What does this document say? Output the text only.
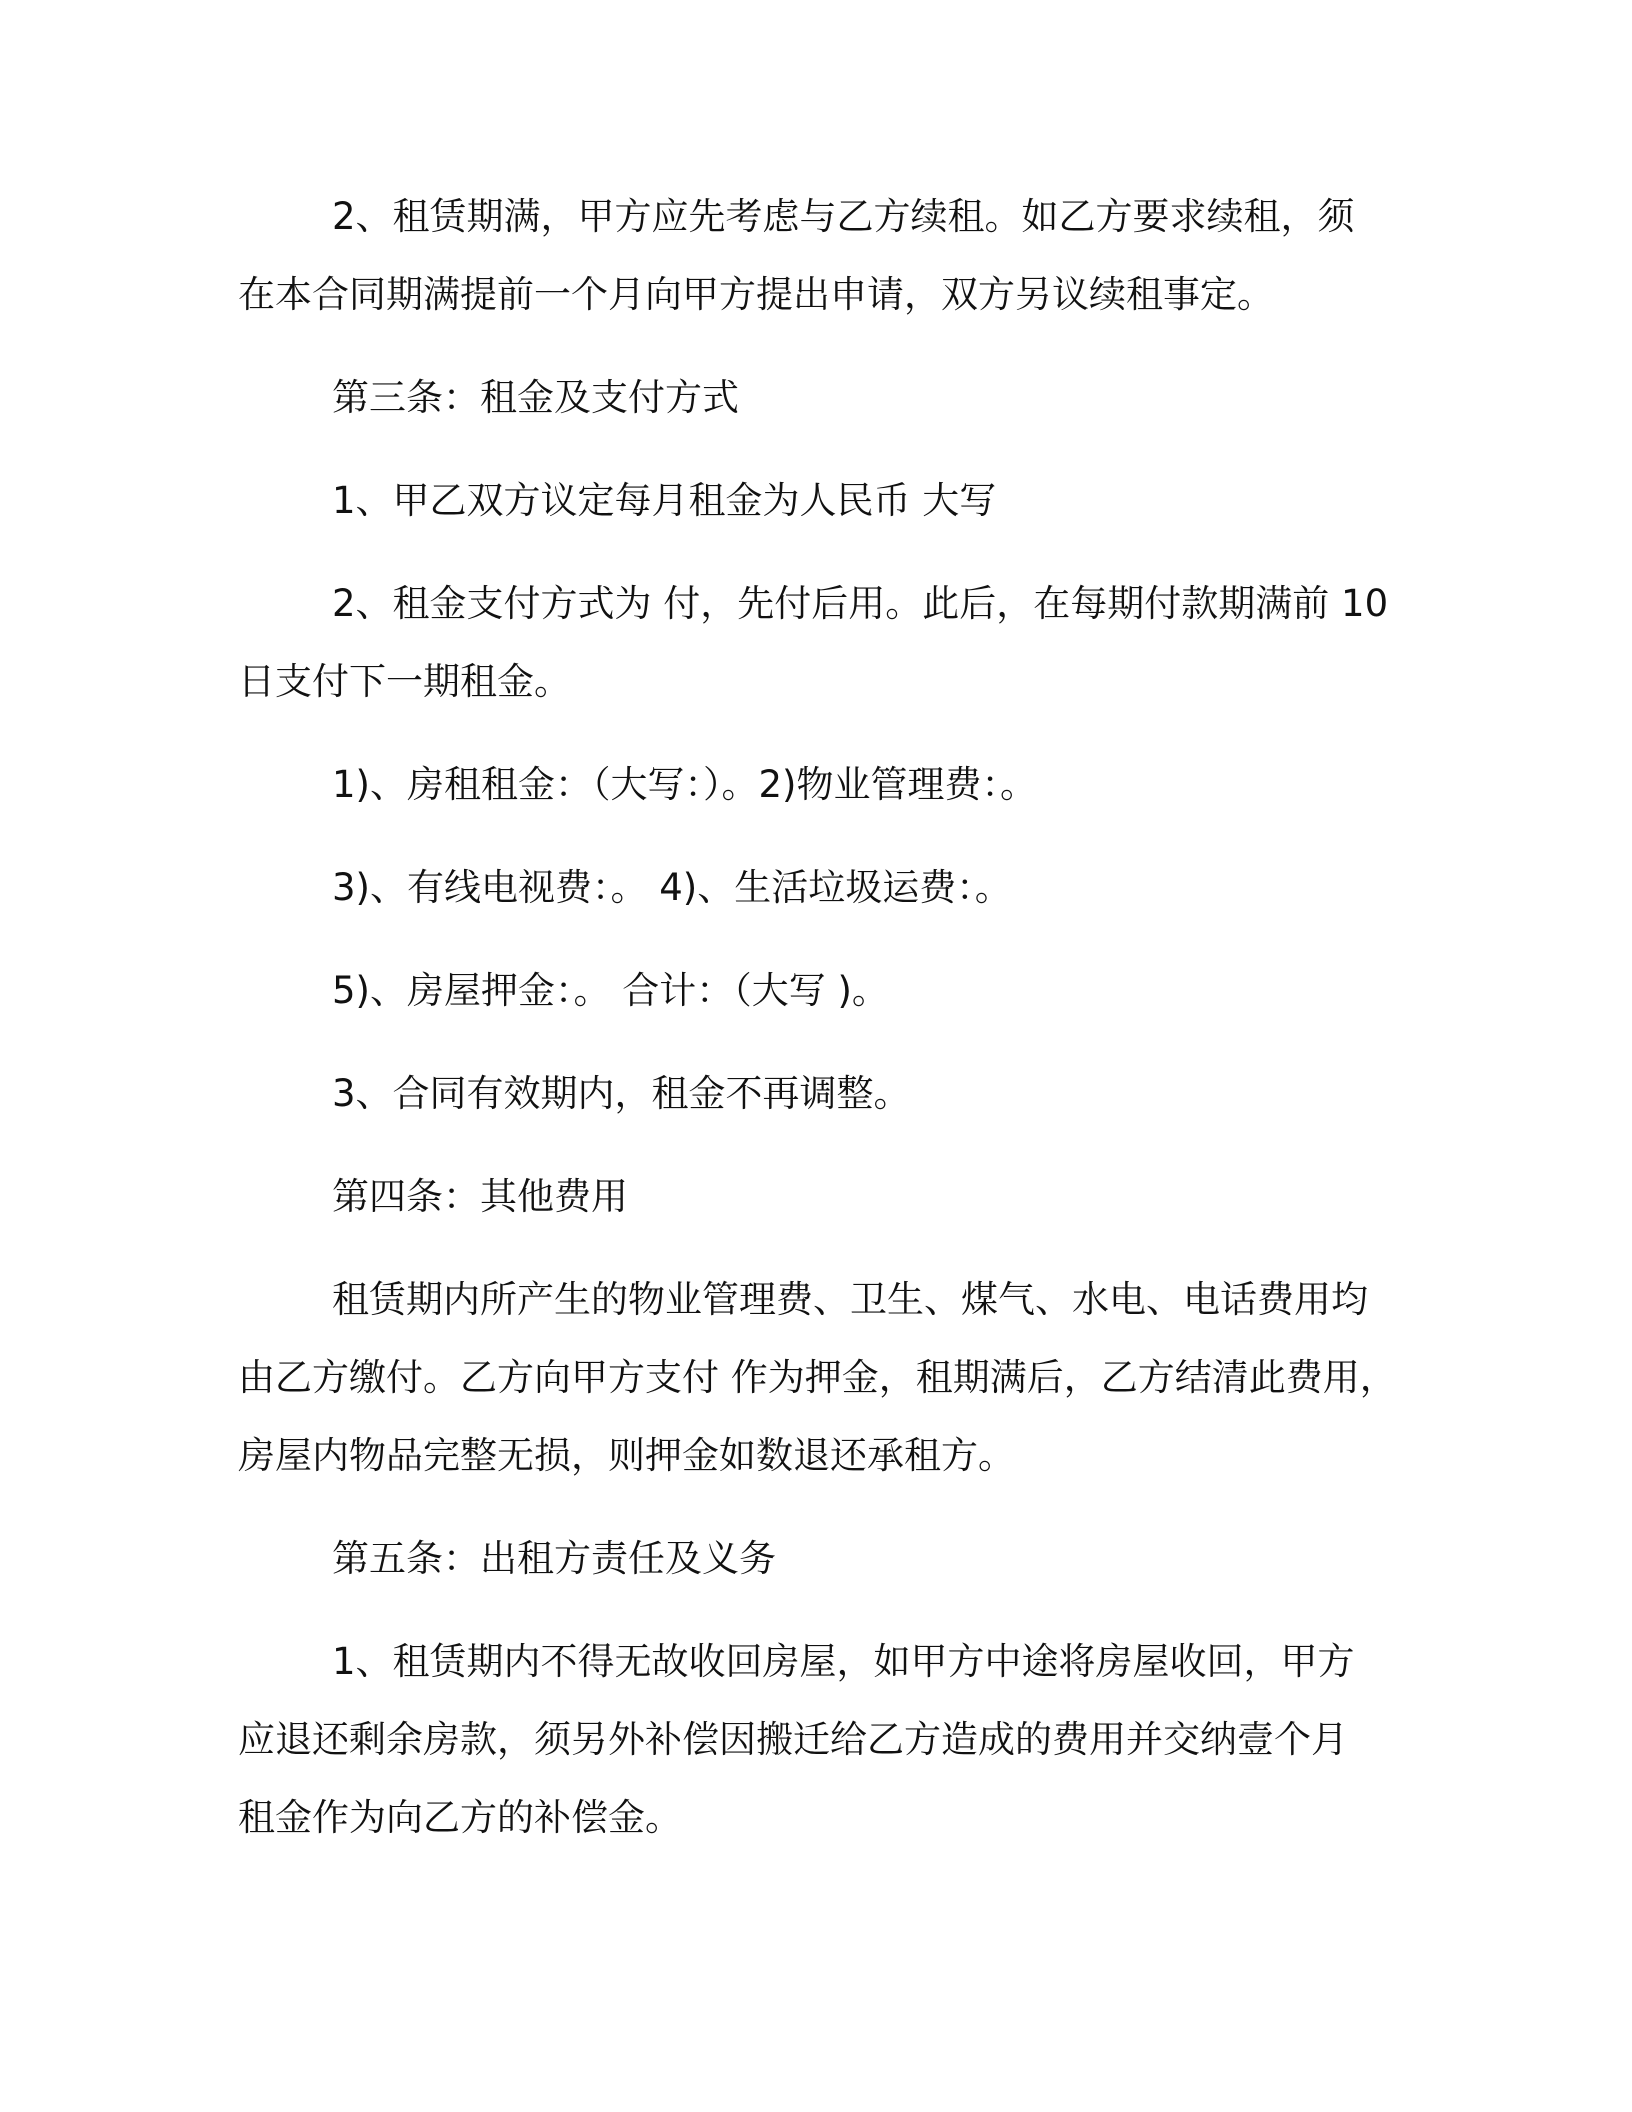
2、租赁期满，甲方应先考虑与乙方续租。如乙方要求续租，须
在本合同期满提前一个月向甲方提出申请，双方另议续租事定。

第三条：租金及支付方式

1、甲乙双方议定每月租金为人民币 大写

2、租金支付方式为 付，先付后用。此后，在每期付款期满前 10
日支付下一期租金。

1)、房租租金：（大写：）。2)物业管理费：。

3)、有线电视费：。 4)、生活垃圾运费：。

5)、房屋押金：。 合计：（大写 )。

3、合同有效期内，租金不再调整。

第四条：其他费用

租赁期内所产生的物业管理费、卫生、煤气、水电、电话费用均
由乙方缴付。乙方向甲方支付 作为押金，租期满后，乙方结清此费用，
房屋内物品完整无损，则押金如数退还承租方。

第五条：出租方责任及义务

1、租赁期内不得无故收回房屋，如甲方中途将房屋收回，甲方
应退还剩余房款，须另外补偿因搬迁给乙方造成的费用并交纳壹个月
租金作为向乙方的补偿金。
